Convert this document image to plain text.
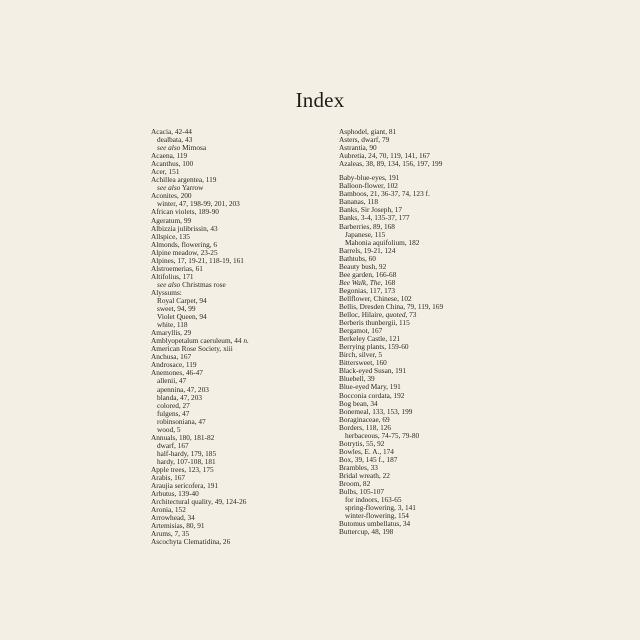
Index
Acacia, 42-44
dealbata, 43
see also Mimosa
Acaena, 119
Acanthus, 100
Acer, 151
Achillea argentea, 119
see also Yarrow
Aconites, 200
winter, 47, 198-99, 201, 203
African violets, 189-90
Ageratum, 99
Albizzia julibrissin, 43
Allspice, 135
Almonds, flowering, 6
Alpine meadow, 23-25
Alpines, 17, 19-21, 118-19, 161
Alstroemerias, 61
Altifolius, 171
see also Christmas rose
Alyssums:
Royal Carpet, 94
sweet, 94, 99
Violet Queen, 94
white, 118
Amaryllis, 29
Amblyopetalum caeruleum, 44 n.
American Rose Society, xiii
Anchusa, 167
Androsace, 119
Anemones, 46-47
allenii, 47
apennina, 47, 203
blanda, 47, 203
colored, 27
fulgens, 47
robinsoniana, 47
wood, 5
Annuals, 180, 181-82
dwarf, 167
half-hardy, 179, 185
hardy, 107-108, 181
Apple trees, 123, 175
Arabis, 167
Araujia sericofera, 191
Arbutus, 139-40
Architectural quality, 49, 124-26
Aronia, 152
Arrowhead, 34
Artemisias, 80, 91
Arums, 7, 35
Ascochyta Clematidina, 26
Asphodel, giant, 81
Asters, dwarf, 79
Astrantia, 90
Aubretia, 24, 70, 119, 141, 167
Azaleas, 38, 89, 134, 156, 197, 199
Baby-blue-eyes, 191
Balloon-flower, 102
Bamboos, 21, 36-37, 74, 123 f.
Bananas, 118
Banks, Sir Joseph, 17
Banks, 3-4, 135-37, 177
Barberries, 89, 168
Japanese, 115
Mahonia aquifolium, 182
Barrels, 19-21, 124
Bathtubs, 60
Beauty bush, 92
Bee garden, 166-68
Bee Walk, The, 168
Begonias, 117, 173
Bellflower, Chinese, 102
Bellis, Dresden China, 79, 119, 169
Belloc, Hilaire, quoted, 73
Berberis thunbergii, 115
Bergamot, 167
Berkeley Castle, 121
Berrying plants, 159-60
Birch, silver, 5
Bittersweet, 160
Black-eyed Susan, 191
Bluebell, 39
Blue-eyed Mary, 191
Bocconia cordata, 192
Bog bean, 34
Bonemeal, 133, 153, 199
Boraginaceae, 69
Borders, 118, 126
herbaceous, 74-75, 79-80
Botrytis, 55, 92
Bowles, E. A., 174
Box, 39, 145 f., 187
Brambles, 33
Bridal wreath, 22
Broom, 82
Bulbs, 105-107
for indoors, 163-65
spring-flowering, 3, 141
winter-flowering, 154
Butomus umbellatus, 34
Buttercup, 48, 198
